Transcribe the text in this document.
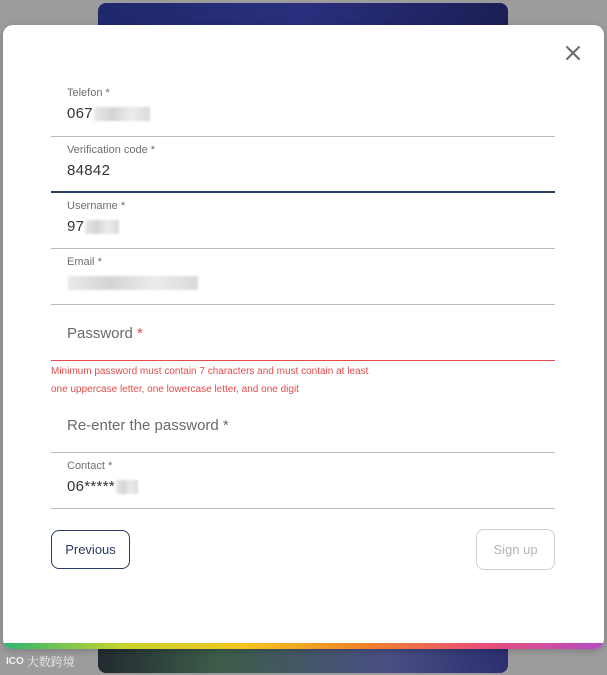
Telefon *
067
Verification code *
84842
Username *
97
Email *
Password *
Minimum password must contain 7 characters and must contain at least
one uppercase letter, one lowercase letter, and one digit
Re-enter the password *
Contact *
06*****
Previous	Sign up
ICO 大数跨境
